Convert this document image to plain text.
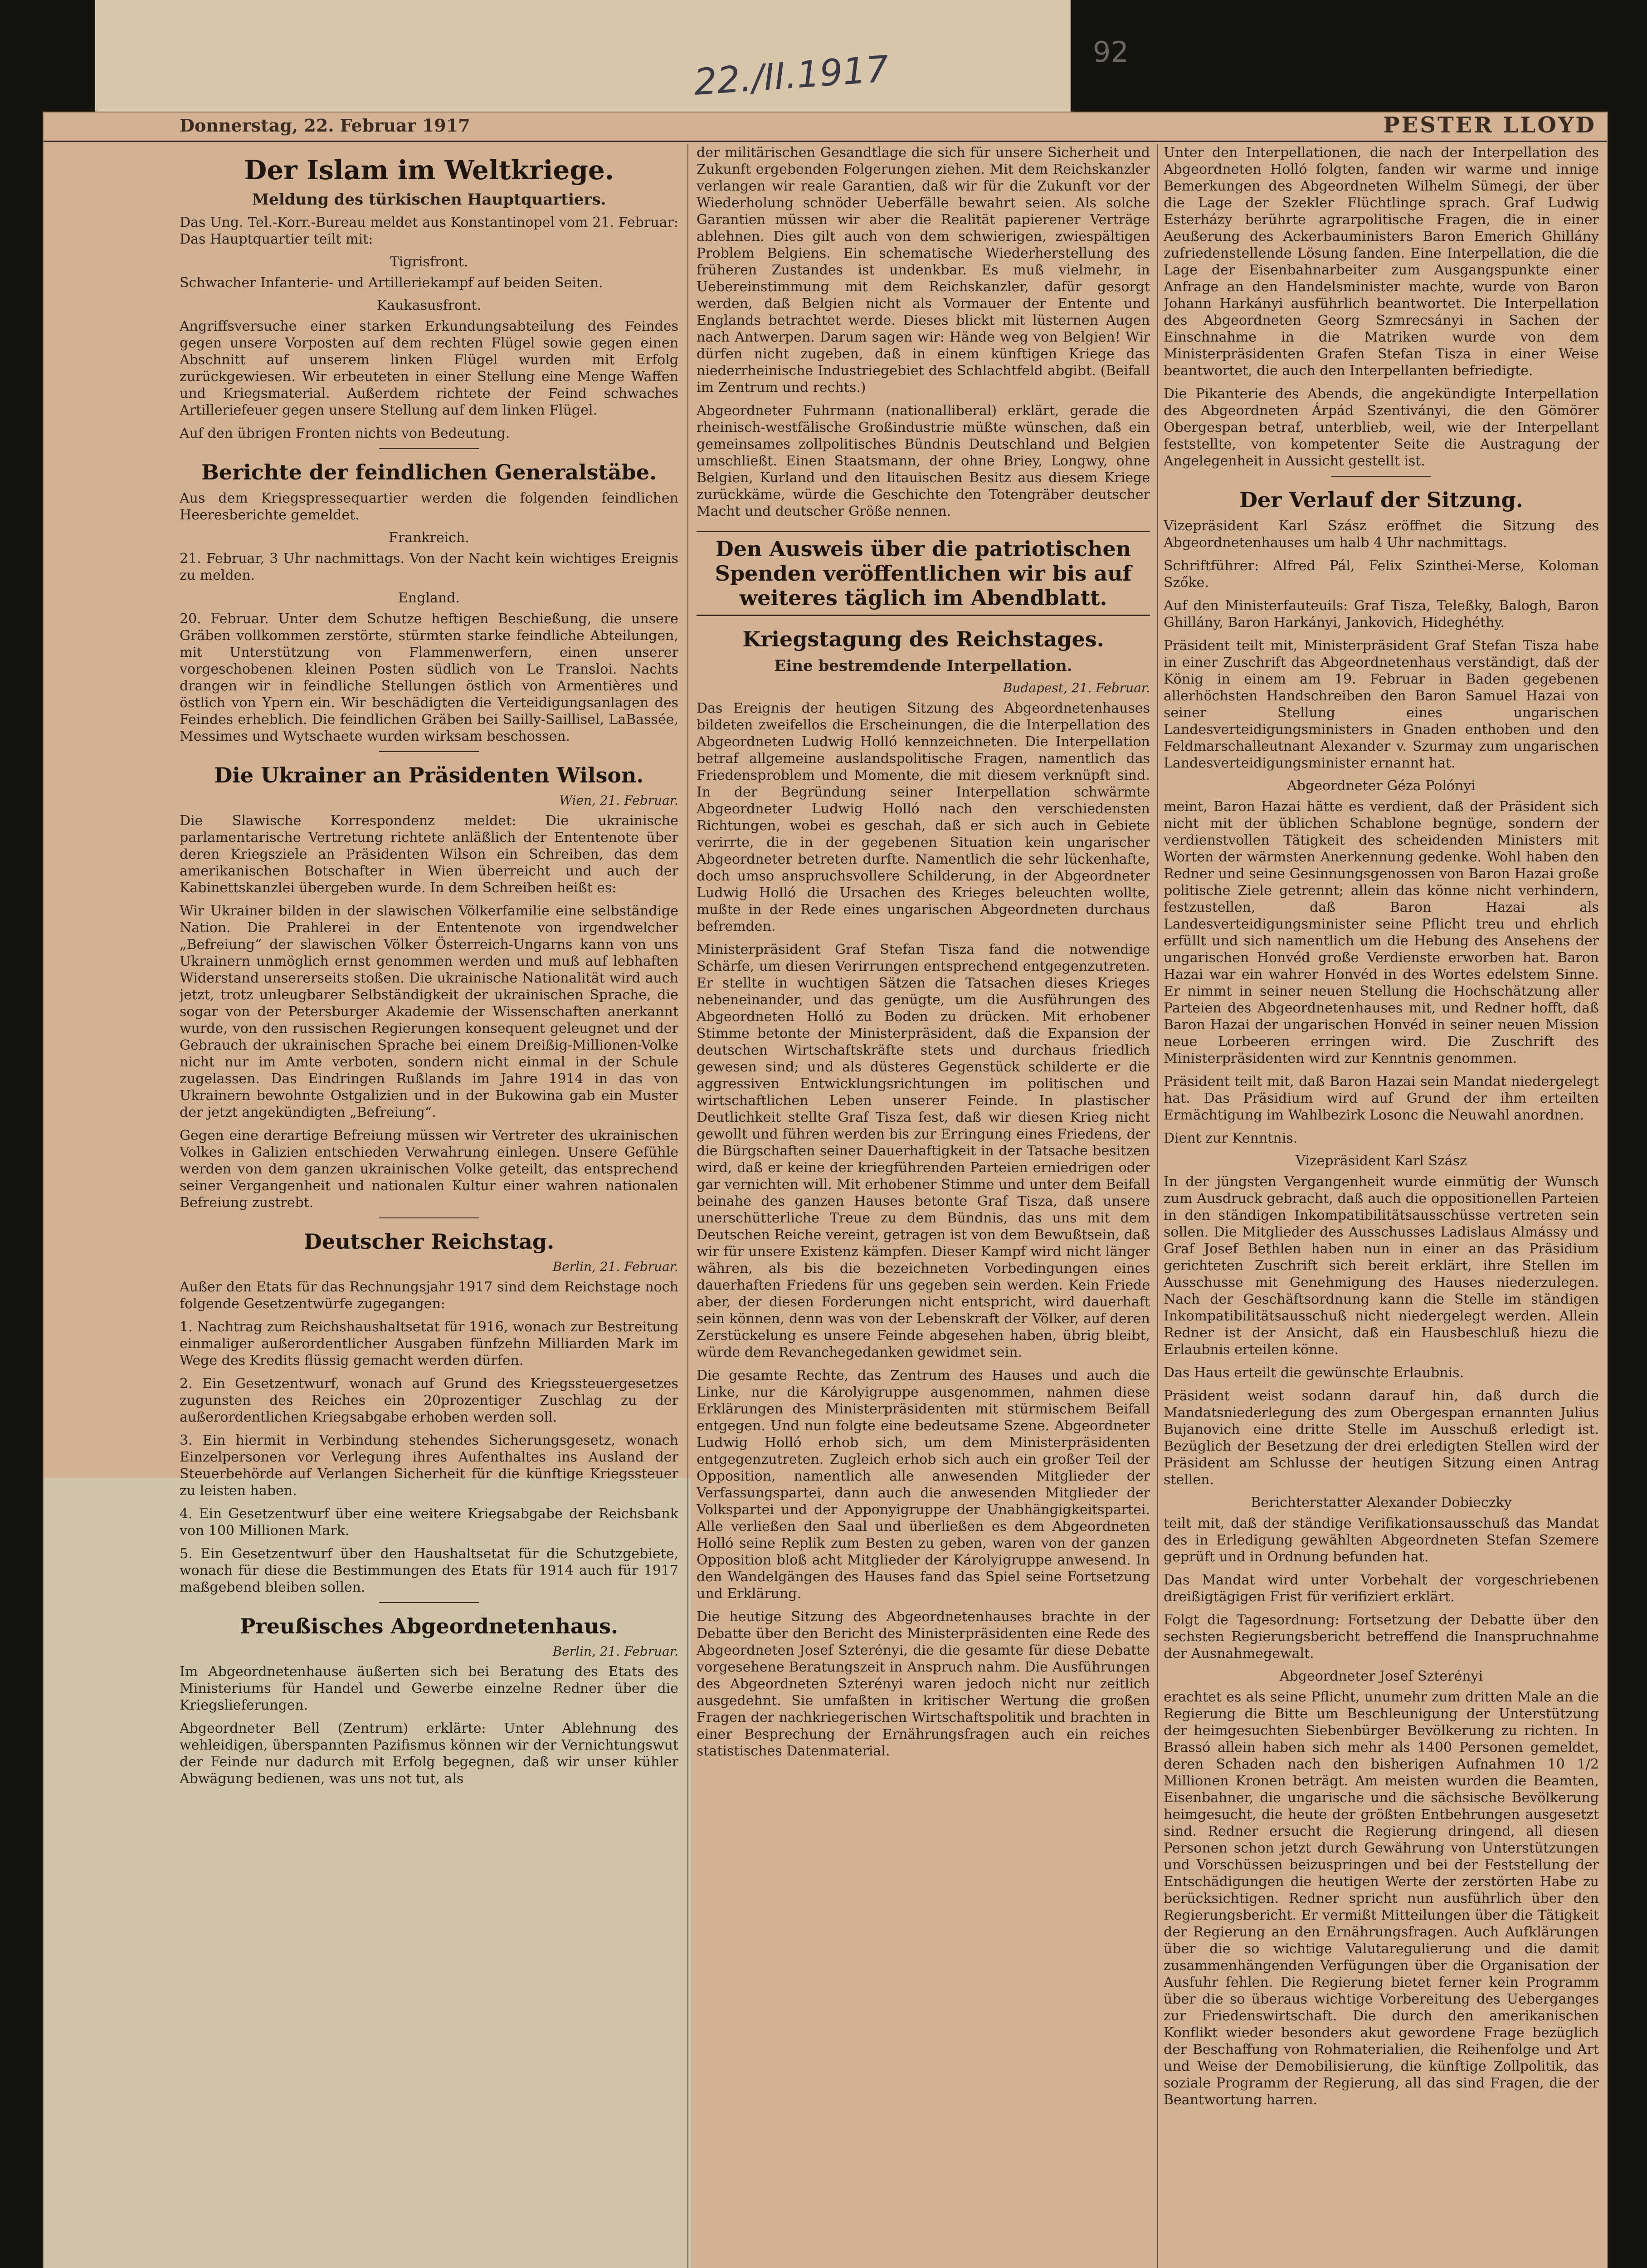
22./II.1917	92
Donnerstag, 22. Februar 1917	PESTER LLOYD
Der Islam im Weltkriege.
Meldung des türkischen Hauptquartiers.

Das Ung. Tel.-Korr.-Bureau meldet aus Konstantinopel vom 21. Februar: Das Hauptquartier teilt mit:

Tigrisfront.

Schwacher Infanterie- und Artilleriekampf auf beiden Seiten.

Kaukasusfront.

Angriffsversuche einer starken Erkundungsabteilung des Feindes gegen unsere Vorposten auf dem rechten Flügel sowie gegen einen Abschnitt auf unserem linken Flügel wurden mit Erfolg zurückgewiesen. Wir erbeuteten in einer Stellung eine Menge Waffen und Kriegsmaterial. Außerdem richtete der Feind schwaches Artilleriefeuer gegen unsere Stellung auf dem linken Flügel.

Auf den übrigen Fronten nichts von Bedeutung.

Berichte der feindlichen Generalstäbe.

Aus dem Kriegspressequartier werden die folgenden feindlichen Heeresberichte gemeldet.

Frankreich.

21. Februar, 3 Uhr nachmittags. Von der Nacht kein wichtiges Ereignis zu melden.

England.

20. Februar. Unter dem Schutze heftigen Beschießung, die unsere Gräben vollkommen zerstörte, stürmten starke feindliche Abteilungen, mit Unterstützung von Flammenwerfern, einen unserer vorgeschobenen kleinen Posten südlich von Le Transloi. Nachts drangen wir in feindliche Stellungen östlich von Armentières und östlich von Ypern ein. Wir beschädigten die Verteidigungsanlagen des Feindes erheblich. Die feindlichen Gräben bei Sailly-Saillisel, LaBassée, Messimes und Wytschaete wurden wirksam beschossen.

Die Ukrainer an Präsidenten Wilson.
Wien, 21. Februar.

Die Slawische Korrespondenz meldet: Die ukrainische parlamentarische Vertretung richtete anläßlich der Ententenote über deren Kriegsziele an Präsidenten Wilson ein Schreiben, das dem amerikanischen Botschafter in Wien überreicht und auch der Kabinettskanzlei übergeben wurde. In dem Schreiben heißt es:

Wir Ukrainer bilden in der slawischen Völkerfamilie eine selbständige Nation. Die Prahlerei in der Ententenote von irgendwelcher „Befreiung“ der slawischen Völker Österreich-Ungarns kann von uns Ukrainern unmöglich ernst genommen werden und muß auf lebhaften Widerstand unsererseits stoßen. Die ukrainische Nationalität wird auch jetzt, trotz unleugbarer Selbständigkeit der ukrainischen Sprache, die sogar von der Petersburger Akademie der Wissenschaften anerkannt wurde, von den russischen Regierungen konsequent geleugnet und der Gebrauch der ukrainischen Sprache bei einem Dreißig-Millionen-Volke nicht nur im Amte verboten, sondern nicht einmal in der Schule zugelassen. Das Eindringen Rußlands im Jahre 1914 in das von Ukrainern bewohnte Ostgalizien und in der Bukowina gab ein Muster der jetzt angekündigten „Befreiung“.

Gegen eine derartige Befreiung müssen wir Vertreter des ukrainischen Volkes in Galizien entschieden Verwahrung einlegen. Unsere Gefühle werden von dem ganzen ukrainischen Volke geteilt, das entsprechend seiner Vergangenheit und nationalen Kultur einer wahren nationalen Befreiung zustrebt.

Deutscher Reichstag.
Berlin, 21. Februar.

Außer den Etats für das Rechnungsjahr 1917 sind dem Reichstage noch folgende Gesetzentwürfe zugegangen:

1. Nachtrag zum Reichshaushaltsetat für 1916, wonach zur Bestreitung einmaliger außerordentlicher Ausgaben fünfzehn Milliarden Mark im Wege des Kredits flüssig gemacht werden dürfen.

2. Ein Gesetzentwurf, wonach auf Grund des Kriegssteuergesetzes zugunsten des Reiches ein 20prozentiger Zuschlag zu der außerordentlichen Kriegsabgabe erhoben werden soll.

3. Ein hiermit in Verbindung stehendes Sicherungsgesetz, wonach Einzelpersonen vor Verlegung ihres Aufenthaltes ins Ausland der Steuerbehörde auf Verlangen Sicherheit für die künftige Kriegssteuer zu leisten haben.

4. Ein Gesetzentwurf über eine weitere Kriegsabgabe der Reichsbank von 100 Millionen Mark.

5. Ein Gesetzentwurf über den Haushaltsetat für die Schutzgebiete, wonach für diese die Bestimmungen des Etats für 1914 auch für 1917 maßgebend bleiben sollen.

Preußisches Abgeordnetenhaus.
Berlin, 21. Februar.

Im Abgeordnetenhause äußerten sich bei Beratung des Etats des Ministeriums für Handel und Gewerbe einzelne Redner über die Kriegslieferungen.

Abgeordneter Bell (Zentrum) erklärte: Unter Ablehnung des wehleidigen, überspannten Pazifismus können wir der Vernichtungswut der Feinde nur dadurch mit Erfolg begegnen, daß wir unser kühler Abwägung bedienen, was uns not tut, als

der militärischen Gesandtlage die sich für unsere Sicherheit und Zukunft ergebenden Folgerungen ziehen. Mit dem Reichskanzler verlangen wir reale Garantien, daß wir für die Zukunft vor der Wiederholung schnöder Ueberfälle bewahrt seien. Als solche Garantien müssen wir aber die Realität papierener Verträge ablehnen. Dies gilt auch von dem schwierigen, zwiespältigen Problem Belgiens. Ein schematische Wiederherstellung des früheren Zustandes ist undenkbar. Es muß vielmehr, in Uebereinstimmung mit dem Reichskanzler, dafür gesorgt werden, daß Belgien nicht als Vormauer der Entente und Englands betrachtet werde. Dieses blickt mit lüsternen Augen nach Antwerpen. Darum sagen wir: Hände weg von Belgien! Wir dürfen nicht zugeben, daß in einem künftigen Kriege das niederrheinische Industriegebiet des Schlachtfeld abgibt. (Beifall im Zentrum und rechts.)

Abgeordneter Fuhrmann (nationalliberal) erklärt, gerade die rheinisch-westfälische Großindustrie müßte wünschen, daß ein gemeinsames zollpolitisches Bündnis Deutschland und Belgien umschließt. Einen Staatsmann, der ohne Briey, Longwy, ohne Belgien, Kurland und den litauischen Besitz aus diesem Kriege zurückkäme, würde die Geschichte den Totengräber deutscher Macht und deutscher Größe nennen.

Den Ausweis über die patriotischen Spenden veröffentlichen wir bis auf weiteres täglich im Abendblatt.
Kriegstagung des Reichstages.
Eine bestremdende Interpellation.
Budapest, 21. Februar.

Das Ereignis der heutigen Sitzung des Abgeordnetenhauses bildeten zweifellos die Erscheinungen, die die Interpellation des Abgeordneten Ludwig Holló kennzeichneten. Die Interpellation betraf allgemeine auslandspolitische Fragen, namentlich das Friedensproblem und Momente, die mit diesem verknüpft sind. In der Begründung seiner Interpellation schwärmte Abgeordneter Ludwig Holló nach den verschiedensten Richtungen, wobei es geschah, daß er sich auch in Gebiete verirrte, die in der gegebenen Situation kein ungarischer Abgeordneter betreten durfte. Namentlich die sehr lückenhafte, doch umso anspruchsvollere Schilderung, in der Abgeordneter Ludwig Holló die Ursachen des Krieges beleuchten wollte, mußte in der Rede eines ungarischen Abgeordneten durchaus befremden.

Ministerpräsident Graf Stefan Tisza fand die notwendige Schärfe, um diesen Verirrungen entsprechend entgegenzutreten. Er stellte in wuchtigen Sätzen die Tatsachen dieses Krieges nebeneinander, und das genügte, um die Ausführungen des Abgeordneten Holló zu Boden zu drücken. Mit erhobener Stimme betonte der Ministerpräsident, daß die Expansion der deutschen Wirtschaftskräfte stets und durchaus friedlich gewesen sind; und als düsteres Gegenstück schilderte er die aggressiven Entwicklungsrichtungen im politischen und wirtschaftlichen Leben unserer Feinde. In plastischer Deutlichkeit stellte Graf Tisza fest, daß wir diesen Krieg nicht gewollt und führen werden bis zur Erringung eines Friedens, der die Bürgschaften seiner Dauerhaftigkeit in der Tatsache besitzen wird, daß er keine der kriegführenden Parteien erniedrigen oder gar vernichten will. Mit erhobener Stimme und unter dem Beifall beinahe des ganzen Hauses betonte Graf Tisza, daß unsere unerschütterliche Treue zu dem Bündnis, das uns mit dem Deutschen Reiche vereint, getragen ist von dem Bewußtsein, daß wir für unsere Existenz kämpfen. Dieser Kampf wird nicht länger währen, als bis die bezeichneten Vorbedingungen eines dauerhaften Friedens für uns gegeben sein werden. Kein Friede aber, der diesen Forderungen nicht entspricht, wird dauerhaft sein können, denn was von der Lebenskraft der Völker, auf deren Zerstückelung es unsere Feinde abgesehen haben, übrig bleibt, würde dem Revanchegedanken gewidmet sein.

Die gesamte Rechte, das Zentrum des Hauses und auch die Linke, nur die Károlyigruppe ausgenommen, nahmen diese Erklärungen des Ministerpräsidenten mit stürmischem Beifall entgegen. Und nun folgte eine bedeutsame Szene. Abgeordneter Ludwig Holló erhob sich, um dem Ministerpräsidenten entgegenzutreten. Zugleich erhob sich auch ein großer Teil der Opposition, namentlich alle anwesenden Mitglieder der Verfassungspartei, dann auch die anwesenden Mitglieder der Volkspartei und der Apponyigruppe der Unabhängigkeitspartei. Alle verließen den Saal und überließen es dem Abgeordneten Holló seine Replik zum Besten zu geben, waren von der ganzen Opposition bloß acht Mitglieder der Károlyigruppe anwesend. In den Wandelgängen des Hauses fand das Spiel seine Fortsetzung und Erklärung.

Die heutige Sitzung des Abgeordnetenhauses brachte in der Debatte über den Bericht des Ministerpräsidenten eine Rede des Abgeordneten Josef Szterényi, die die gesamte für diese Debatte vorgesehene Beratungszeit in Anspruch nahm. Die Ausführungen des Abgeordneten Szterényi waren jedoch nicht nur zeitlich ausgedehnt. Sie umfaßten in kritischer Wertung die großen Fragen der nachkriegerischen Wirtschaftspolitik und brachten in einer Besprechung der Ernährungsfragen auch ein reiches statistisches Datenmaterial.

Unter den Interpellationen, die nach der Interpellation des Abgeordneten Holló folgten, fanden wir warme und innige Bemerkungen des Abgeordneten Wilhelm Sümegi, der über die Lage der Szekler Flüchtlinge sprach. Graf Ludwig Esterházy berührte agrarpolitische Fragen, die in einer Aeußerung des Ackerbauministers Baron Emerich Ghillány zufriedenstellende Lösung fanden. Eine Interpellation, die die Lage der Eisenbahnarbeiter zum Ausgangspunkte einer Anfrage an den Handelsminister machte, wurde von Baron Johann Harkányi ausführlich beantwortet. Die Interpellation des Abgeordneten Georg Szmrecsányi in Sachen der Einschnahme in die Matriken wurde von dem Ministerpräsidenten Grafen Stefan Tisza in einer Weise beantwortet, die auch den Interpellanten befriedigte.

Die Pikanterie des Abends, die angekündigte Interpellation des Abgeordneten Árpád Szentiványi, die den Gömörer Obergespan betraf, unterblieb, weil, wie der Interpellant feststellte, von kompetenter Seite die Austragung der Angelegenheit in Aussicht gestellt ist.

Der Verlauf der Sitzung.

Vizepräsident Karl Szász eröffnet die Sitzung des Abgeordnetenhauses um halb 4 Uhr nachmittags.

Schriftführer: Alfred Pál, Felix Szinthei-Merse, Koloman Szőke.

Auf den Ministerfauteuils: Graf Tisza, Teleßky, Balogh, Baron Ghillány, Baron Harkányi, Jankovich, Hideghéthy.

Präsident teilt mit, Ministerpräsident Graf Stefan Tisza habe in einer Zuschrift das Abgeordnetenhaus verständigt, daß der König in einem am 19. Februar in Baden gegebenen allerhöchsten Handschreiben den Baron Samuel Hazai von seiner Stellung eines ungarischen Landesverteidigungsministers in Gnaden enthoben und den Feldmarschalleutnant Alexander v. Szurmay zum ungarischen Landesverteidigungsminister ernannt hat.

Abgeordneter Géza Polónyi

meint, Baron Hazai hätte es verdient, daß der Präsident sich nicht mit der üblichen Schablone begnüge, sondern der verdienstvollen Tätigkeit des scheidenden Ministers mit Worten der wärmsten Anerkennung gedenke. Wohl haben den Redner und seine Gesinnungsgenossen von Baron Hazai große politische Ziele getrennt; allein das könne nicht verhindern, festzustellen, daß Baron Hazai als Landesverteidigungsminister seine Pflicht treu und ehrlich erfüllt und sich namentlich um die Hebung des Ansehens der ungarischen Honvéd große Verdienste erworben hat. Baron Hazai war ein wahrer Honvéd in des Wortes edelstem Sinne. Er nimmt in seiner neuen Stellung die Hochschätzung aller Parteien des Abgeordnetenhauses mit, und Redner hofft, daß Baron Hazai der ungarischen Honvéd in seiner neuen Mission neue Lorbeeren erringen wird. Die Zuschrift des Ministerpräsidenten wird zur Kenntnis genommen.

Präsident teilt mit, daß Baron Hazai sein Mandat niedergelegt hat. Das Präsidium wird auf Grund der ihm erteilten Ermächtigung im Wahlbezirk Losonc die Neuwahl anordnen.

Dient zur Kenntnis.

Vizepräsident Karl Szász

In der jüngsten Vergangenheit wurde einmütig der Wunsch zum Ausdruck gebracht, daß auch die oppositionellen Parteien in den ständigen Inkompatibilitätsausschüsse vertreten sein sollen. Die Mitglieder des Ausschusses Ladislaus Almássy und Graf Josef Bethlen haben nun in einer an das Präsidium gerichteten Zuschrift sich bereit erklärt, ihre Stellen im Ausschusse mit Genehmigung des Hauses niederzulegen. Nach der Geschäftsordnung kann die Stelle im ständigen Inkompatibilitätsausschuß nicht niedergelegt werden. Allein Redner ist der Ansicht, daß ein Hausbeschluß hiezu die Erlaubnis erteilen könne.

Das Haus erteilt die gewünschte Erlaubnis.

Präsident weist sodann darauf hin, daß durch die Mandatsniederlegung des zum Obergespan ernannten Julius Bujanovich eine dritte Stelle im Ausschuß erledigt ist. Bezüglich der Besetzung der drei erledigten Stellen wird der Präsident am Schlusse der heutigen Sitzung einen Antrag stellen.

Berichterstatter Alexander Dobieczky

teilt mit, daß der ständige Verifikationsausschuß das Mandat des in Erledigung gewählten Abgeordneten Stefan Szemere geprüft und in Ordnung befunden hat.

Das Mandat wird unter Vorbehalt der vorgeschriebenen dreißigtägigen Frist für verifiziert erklärt.

Folgt die Tagesordnung: Fortsetzung der Debatte über den sechsten Regierungsbericht betreffend die Inanspruchnahme der Ausnahmegewalt.

Abgeordneter Josef Szterényi

erachtet es als seine Pflicht, unumehr zum dritten Male an die Regierung die Bitte um Beschleunigung der Unterstützung der heimgesuchten Siebenbürger Bevölkerung zu richten. In Brassó allein haben sich mehr als 1400 Personen gemeldet, deren Schaden nach den bisherigen Aufnahmen 10 1/2 Millionen Kronen beträgt. Am meisten wurden die Beamten, Eisenbahner, die ungarische und die sächsische Bevölkerung heimgesucht, die heute der größten Entbehrungen ausgesetzt sind. Redner ersucht die Regierung dringend, all diesen Personen schon jetzt durch Gewährung von Unterstützungen und Vorschüssen beizuspringen und bei der Feststellung der Entschädigungen die heutigen Werte der zerstörten Habe zu berücksichtigen. Redner spricht nun ausführlich über den Regierungsbericht. Er vermißt Mitteilungen über die Tätigkeit der Regierung an den Ernährungsfragen. Auch Aufklärungen über die so wichtige Valutaregulierung und die damit zusammenhängenden Verfügungen über die Organisation der Ausfuhr fehlen. Die Regierung bietet ferner kein Programm über die so überaus wichtige Vorbereitung des Ueberganges zur Friedenswirtschaft. Die durch den amerikanischen Konflikt wieder besonders akut gewordene Frage bezüglich der Beschaffung von Rohmaterialien, die Reihenfolge und Art und Weise der Demobilisierung, die künftige Zollpolitik, das soziale Programm der Regierung, all das sind Fragen, die der Beantwortung harren.
